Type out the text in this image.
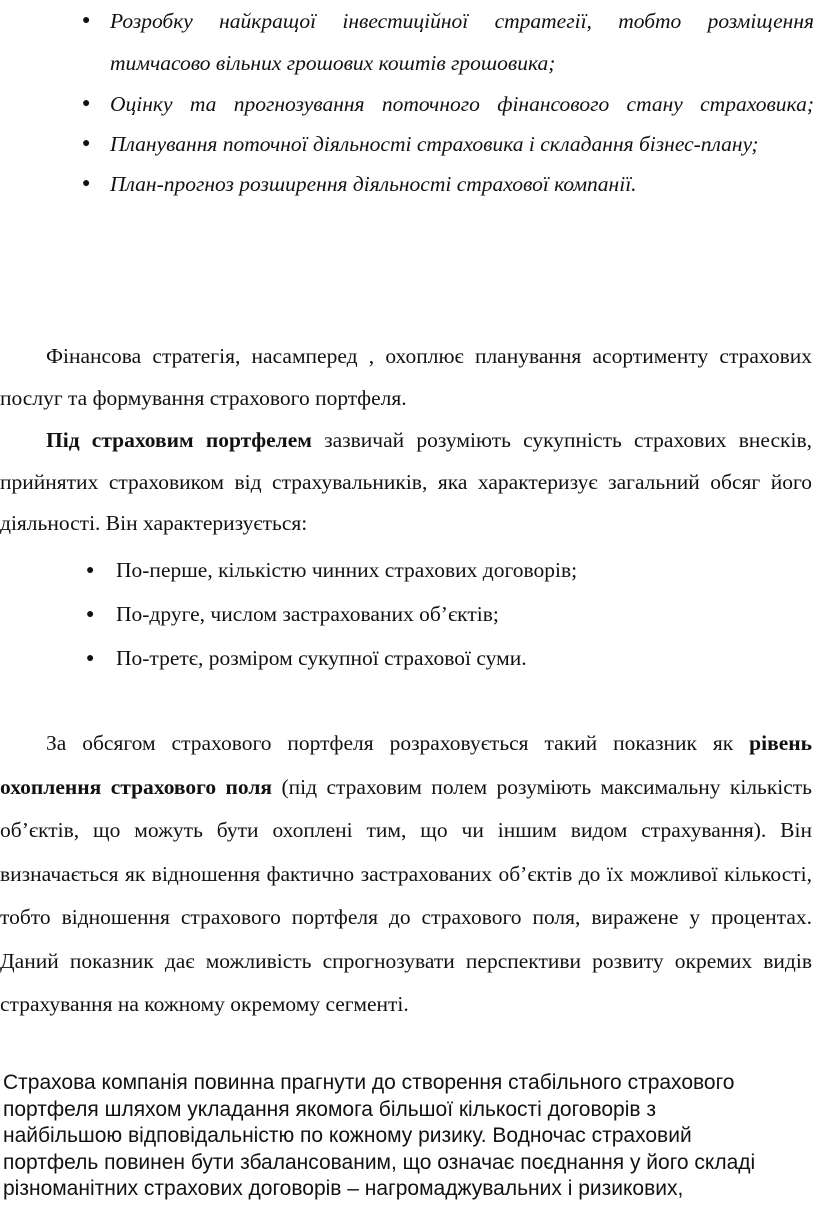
● Розробку найкращої інвестиційної стратегії, тобто розміщення тимчасово вільних грошових коштів грошовика;
● Оцінку та прогнозування поточного фінансового стану страховика;
● Планування поточної діяльності страховика і складання бізнес-плану;
● План-прогноз розширення діяльності страхової компанії.

Фінансова стратегія, насамперед , охоплює планування асортименту страхових послуг та формування страхового портфеля.

Під страховим портфелем зазвичай розуміють сукупність страхових внесків, прийнятих страховиком від страхувальників, яка характеризує загальний обсяг його діяльності. Він характеризується:

● По-перше, кількістю чинних страхових договорів;
● По-друге, числом застрахованих об’єктів;
● По-третє, розміром сукупної страхової суми.

За обсягом страхового портфеля розраховується такий показник як рівень охоплення страхового поля (під страховим полем розуміють максимальну кількість об’єктів, що можуть бути охоплені тим, що чи іншим видом страхування). Він визначається як відношення фактично застрахованих об’єктів до їх можливої кількості, тобто відношення страхового портфеля до страхового поля, виражене у процентах. Даний показник дає можливість спрогнозувати перспективи розвиту окремих видів страхування на кожному окремому сегменті.

Страхова компанія повинна прагнути до створення стабільного страхового
портфеля шляхом укладання якомога більшої кількості договорів з
найбільшою відповідальністю по кожному ризику. Водночас страховий
портфель повинен бути збалансованим, що означає поєднання у його складі
різноманітних страхових договорів – нагромаджувальних і ризикових,
